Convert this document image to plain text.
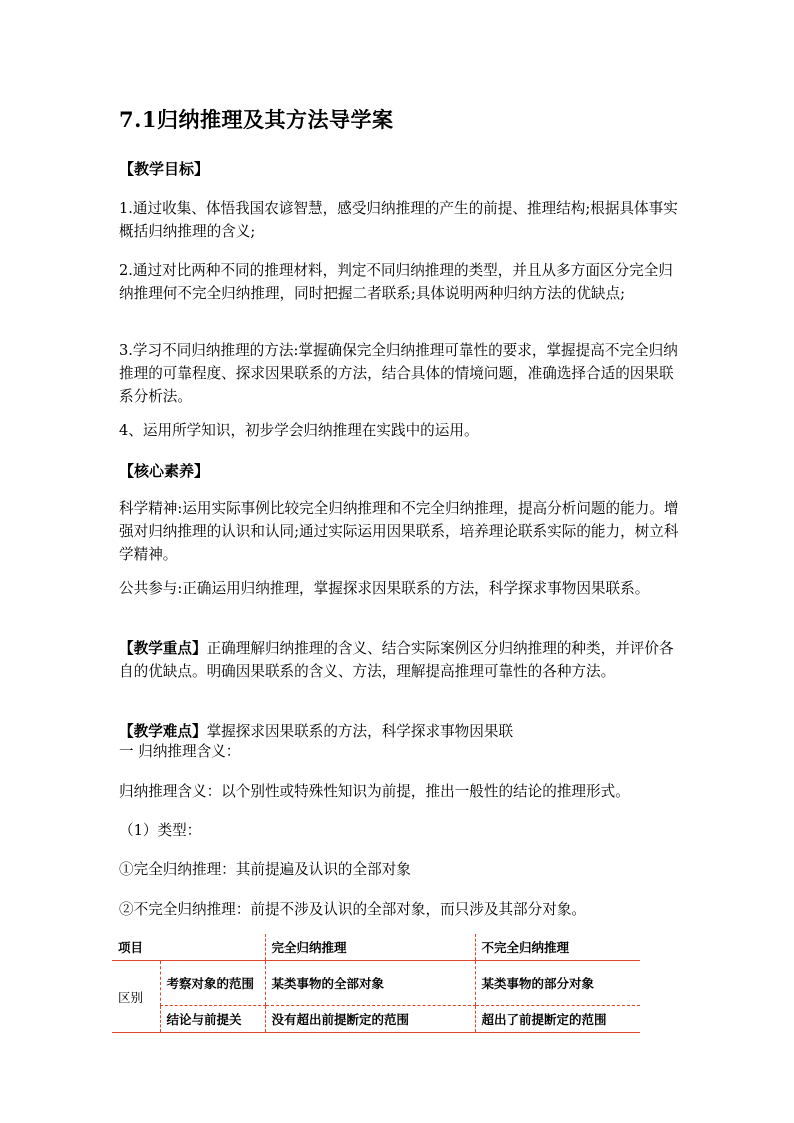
7.1归纳推理及其方法导学案
【教学目标】
1.通过收集、体悟我国农谚智慧，感受归纳推理的产生的前提、推理结构;根据具体事实概括归纳推理的含义;
2.通过对比两种不同的推理材料，判定不同归纳推理的类型，并且从多方面区分完全归纳推理何不完全归纳推理，同时把握二者联系;具体说明两种归纳方法的优缺点;
3.学习不同归纳推理的方法:掌握确保完全归纳推理可靠性的要求，掌握提高不完全归纳推理的可靠程度、探求因果联系的方法，结合具体的情境问题，准确选择合适的因果联系分析法。
4、运用所学知识，初步学会归纳推理在实践中的运用。
【核心素养】
科学精神:运用实际事例比较完全归纳推理和不完全归纳推理，提高分析问题的能力。增强对归纳推理的认识和认同;通过实际运用因果联系，培养理论联系实际的能力，树立科学精神。
公共参与:正确运用归纳推理，掌握探求因果联系的方法，科学探求事物因果联系。
【教学重点】正确理解归纳推理的含义、结合实际案例区分归纳推理的种类，并评价各自的优缺点。明确因果联系的含义、方法，理解提高推理可靠性的各种方法。
【教学难点】掌握探求因果联系的方法，科学探求事物因果联
一 归纳推理含义：
归纳推理含义：以个别性或特殊性知识为前提，推出一般性的结论的推理形式。
（1）类型：
①完全归纳推理：其前提遍及认识的全部对象
②不完全归纳推理：前提不涉及认识的全部对象，而只涉及其部分对象。
项目		完全归纳推理	不完全归纳推理
区别	考察对象的范围	某类事物的全部对象	某类事物的部分对象
	结论与前提关	没有超出前提断定的范围	超出了前提断定的范围
